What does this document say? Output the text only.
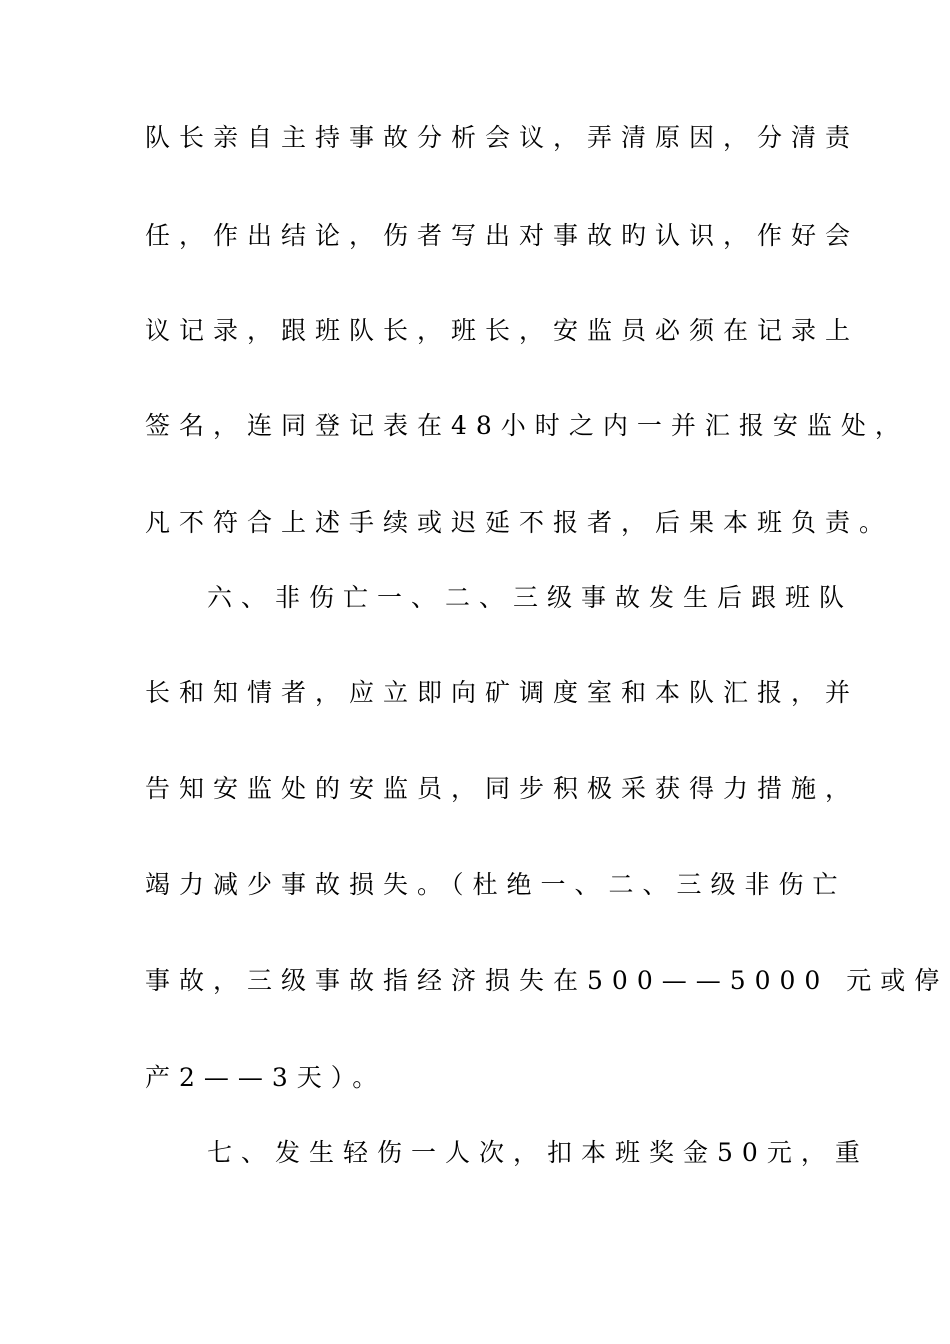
队长亲自主持事故分析会议，弄清原因，分清责
任，作出结论，伤者写出对事故旳认识，作好会
议记录，跟班队长，班长，安监员必须在记录上
签名，连同登记表在48小时之内一并汇报安监处，
凡不符合上述手续或迟延不报者，后果本班负责。
六、非伤亡一、二、三级事故发生后跟班队
长和知情者，应立即向矿调度室和本队汇报，并
告知安监处的安监员，同步积极采获得力措施，
竭力减少事故损失。（杜绝一、二、三级非伤亡
事故，三级事故指经济损失在500——5000 元或停
产2——3天）。
七、发生轻伤一人次，扣本班奖金50元，重
